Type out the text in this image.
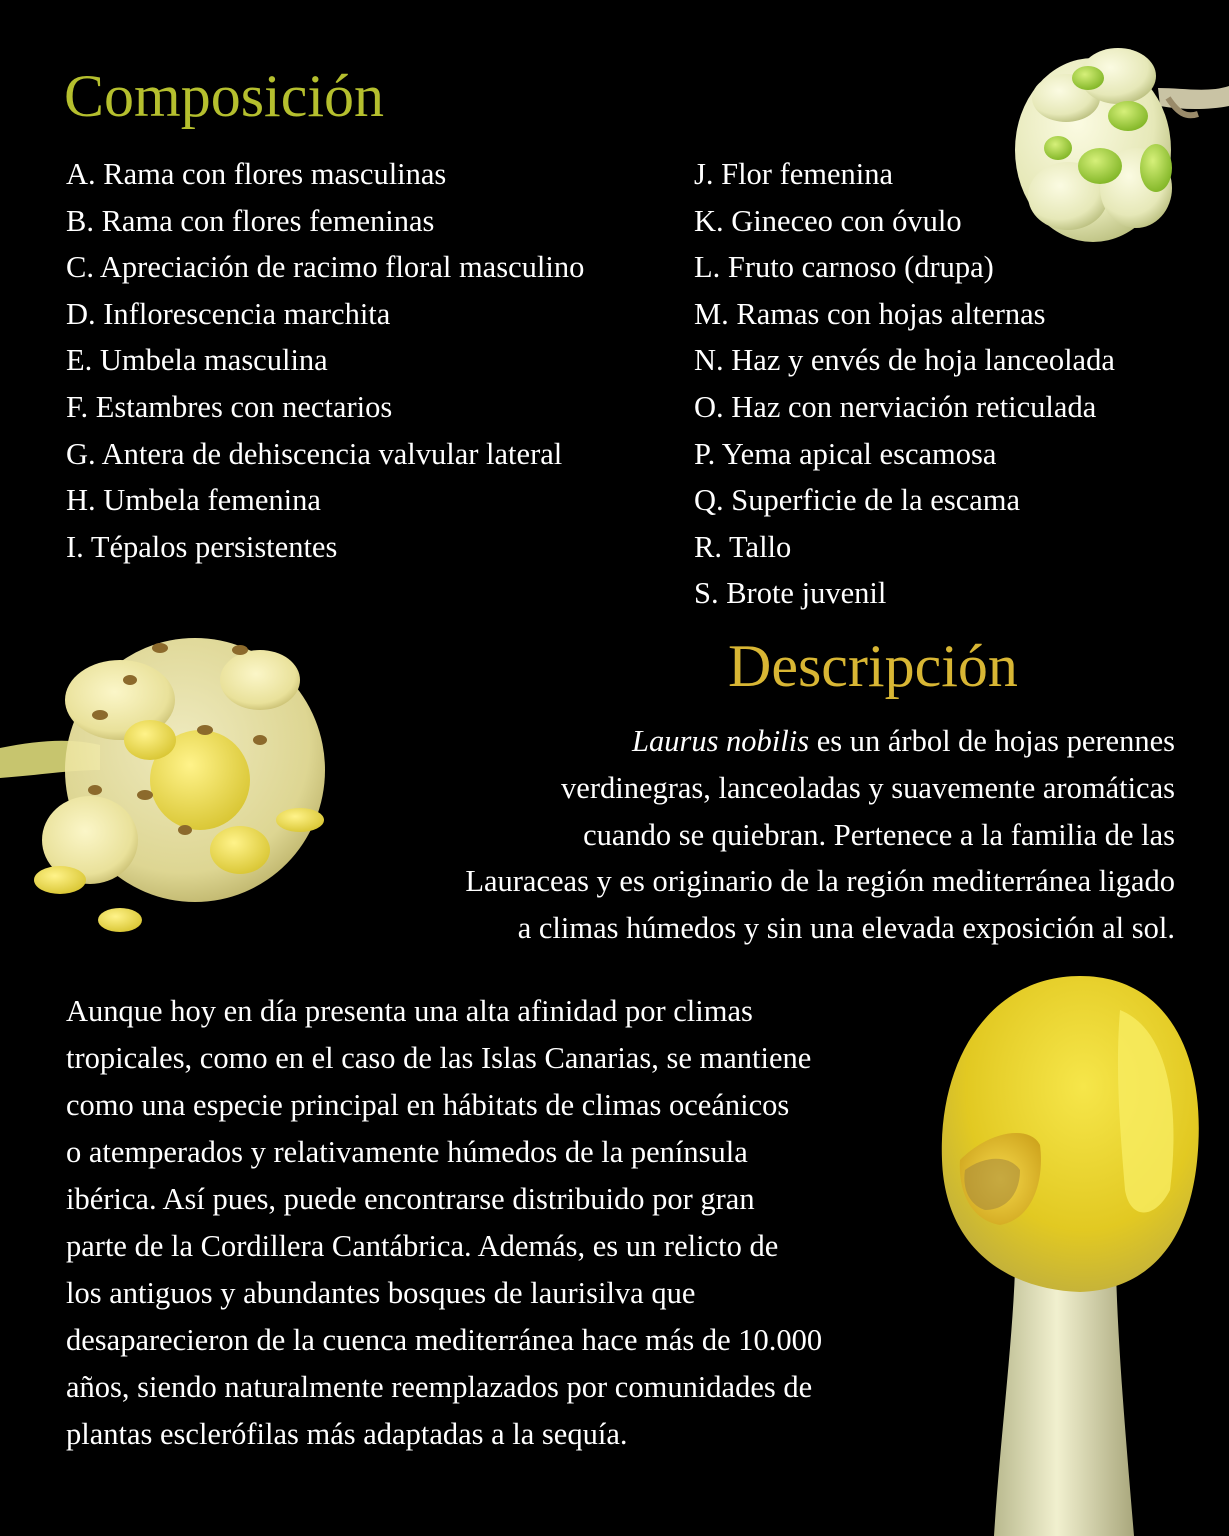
Composición
A. Rama con flores masculinas
B. Rama con flores femeninas
C. Apreciación de racimo floral masculino
D. Inflorescencia marchita
E. Umbela masculina
F. Estambres con nectarios
G. Antera de dehiscencia valvular lateral
H. Umbela femenina
I. Tépalos persistentes
J. Flor femenina
K. Gineceo con óvulo
L. Fruto carnoso (drupa)
M. Ramas con hojas alternas
N. Haz y envés de hoja lanceolada
O. Haz con nerviación reticulada
P. Yema apical escamosa
Q. Superficie de la escama
R. Tallo
S. Brote juvenil
Descripción

Laurus nobilis es un árbol de hojas perennes
verdinegras, lanceoladas y suavemente aromáticas
cuando se quiebran. Pertenece a la familia de las
Lauraceas y es originario de la región mediterránea ligado
a climas húmedos y sin una elevada exposición al sol.

Aunque hoy en día presenta una alta afinidad por climas
tropicales, como en el caso de las Islas Canarias, se mantiene
como una especie principal en hábitats de climas oceánicos
o atemperados y relativamente húmedos de la península
ibérica. Así pues, puede encontrarse distribuido por gran
parte de la Cordillera Cantábrica. Además, es un relicto de
los antiguos y abundantes bosques de laurisilva que
desaparecieron de la cuenca mediterránea hace más de 10.000
años, siendo naturalmente reemplazados por comunidades de
plantas esclerófilas más adaptadas a la sequía.
